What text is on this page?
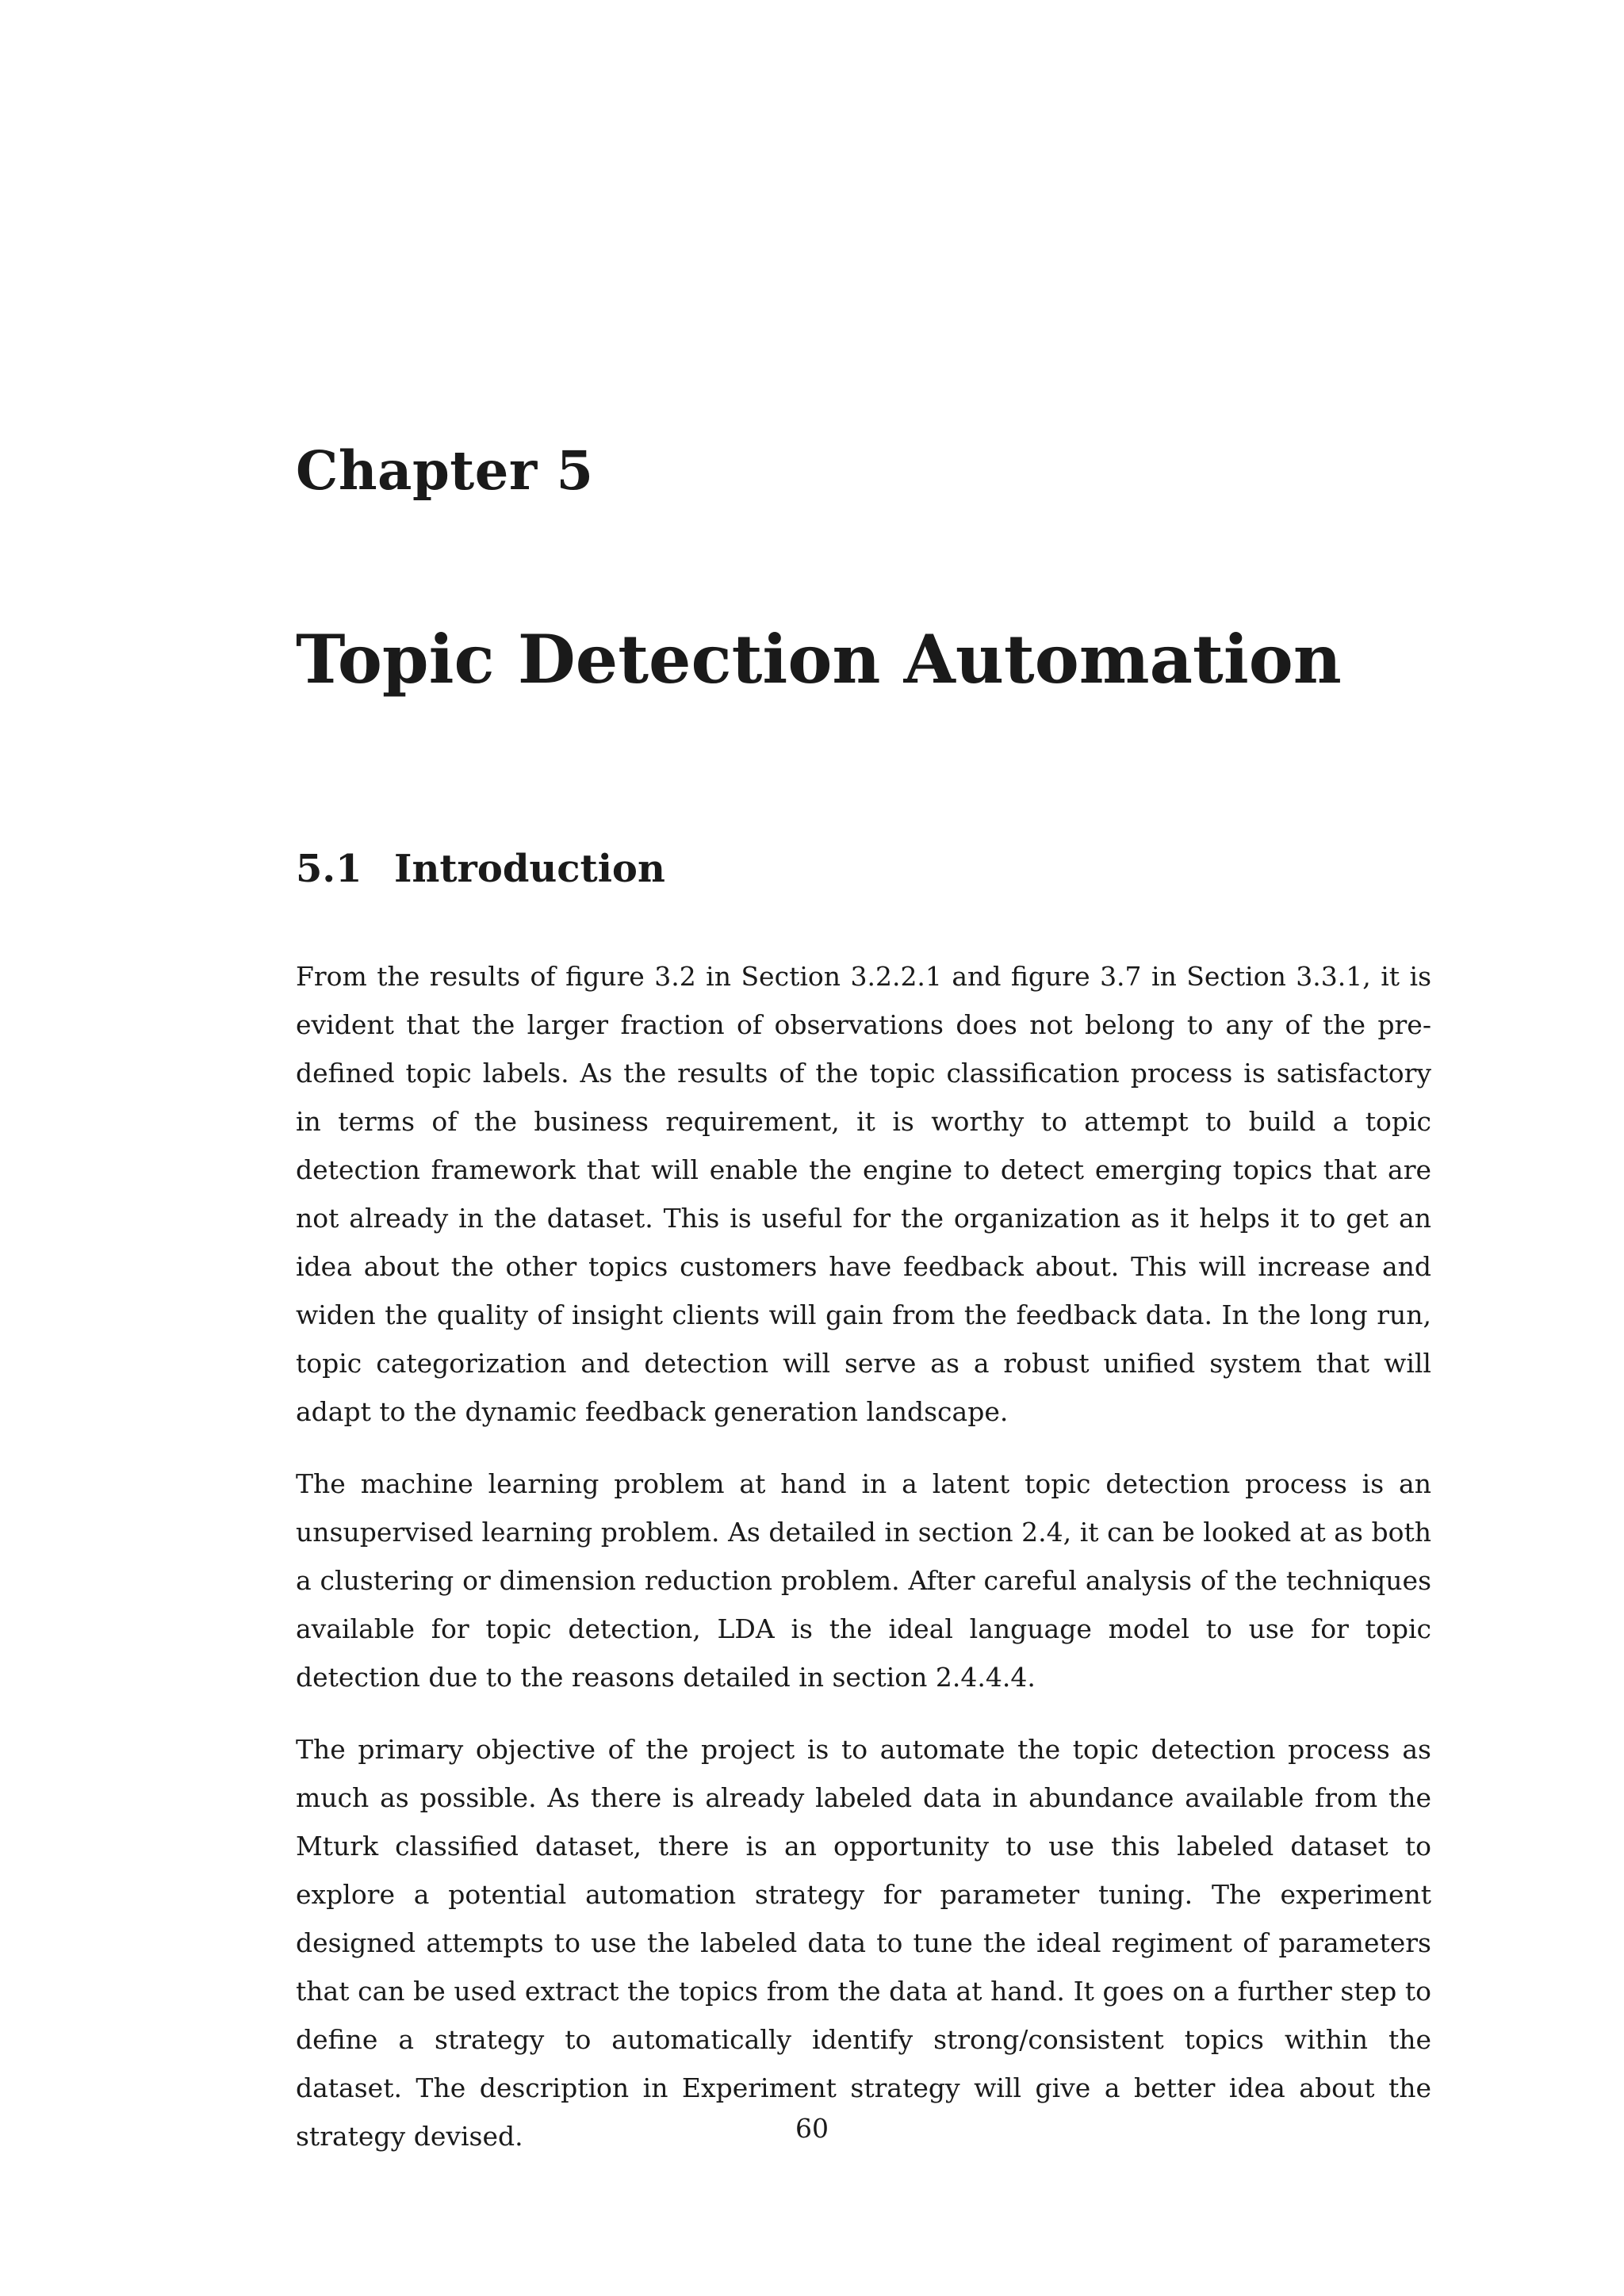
Chapter 5
Topic Detection Automation
5.1 Introduction

From the results of figure 3.2 in Section 3.2.2.1 and figure 3.7 in Section 3.3.1, it is evident that the larger fraction of observations does not belong to any of the pre-defined topic labels. As the results of the topic classification process is satisfactory in terms of the business requirement, it is worthy to attempt to build a topic detection framework that will enable the engine to detect emerging topics that are not already in the dataset. This is useful for the organization as it helps it to get an idea about the other topics customers have feedback about. This will increase and widen the quality of insight clients will gain from the feedback data. In the long run, topic categorization and detection will serve as a robust unified system that will adapt to the dynamic feedback generation landscape.

The machine learning problem at hand in a latent topic detection process is an unsupervised learning problem. As detailed in section 2.4, it can be looked at as both a clustering or dimension reduction problem. After careful analysis of the techniques available for topic detection, LDA is the ideal language model to use for topic detection due to the reasons detailed in section 2.4.4.4.

The primary objective of the project is to automate the topic detection process as much as possible. As there is already labeled data in abundance available from the Mturk classified dataset, there is an opportunity to use this labeled dataset to explore a potential automation strategy for parameter tuning. The experiment designed attempts to use the labeled data to tune the ideal regiment of parameters that can be used extract the topics from the data at hand. It goes on a further step to define a strategy to automatically identify strong/consistent topics within the dataset. The description in Experiment strategy will give a better idea about the strategy devised.	60
